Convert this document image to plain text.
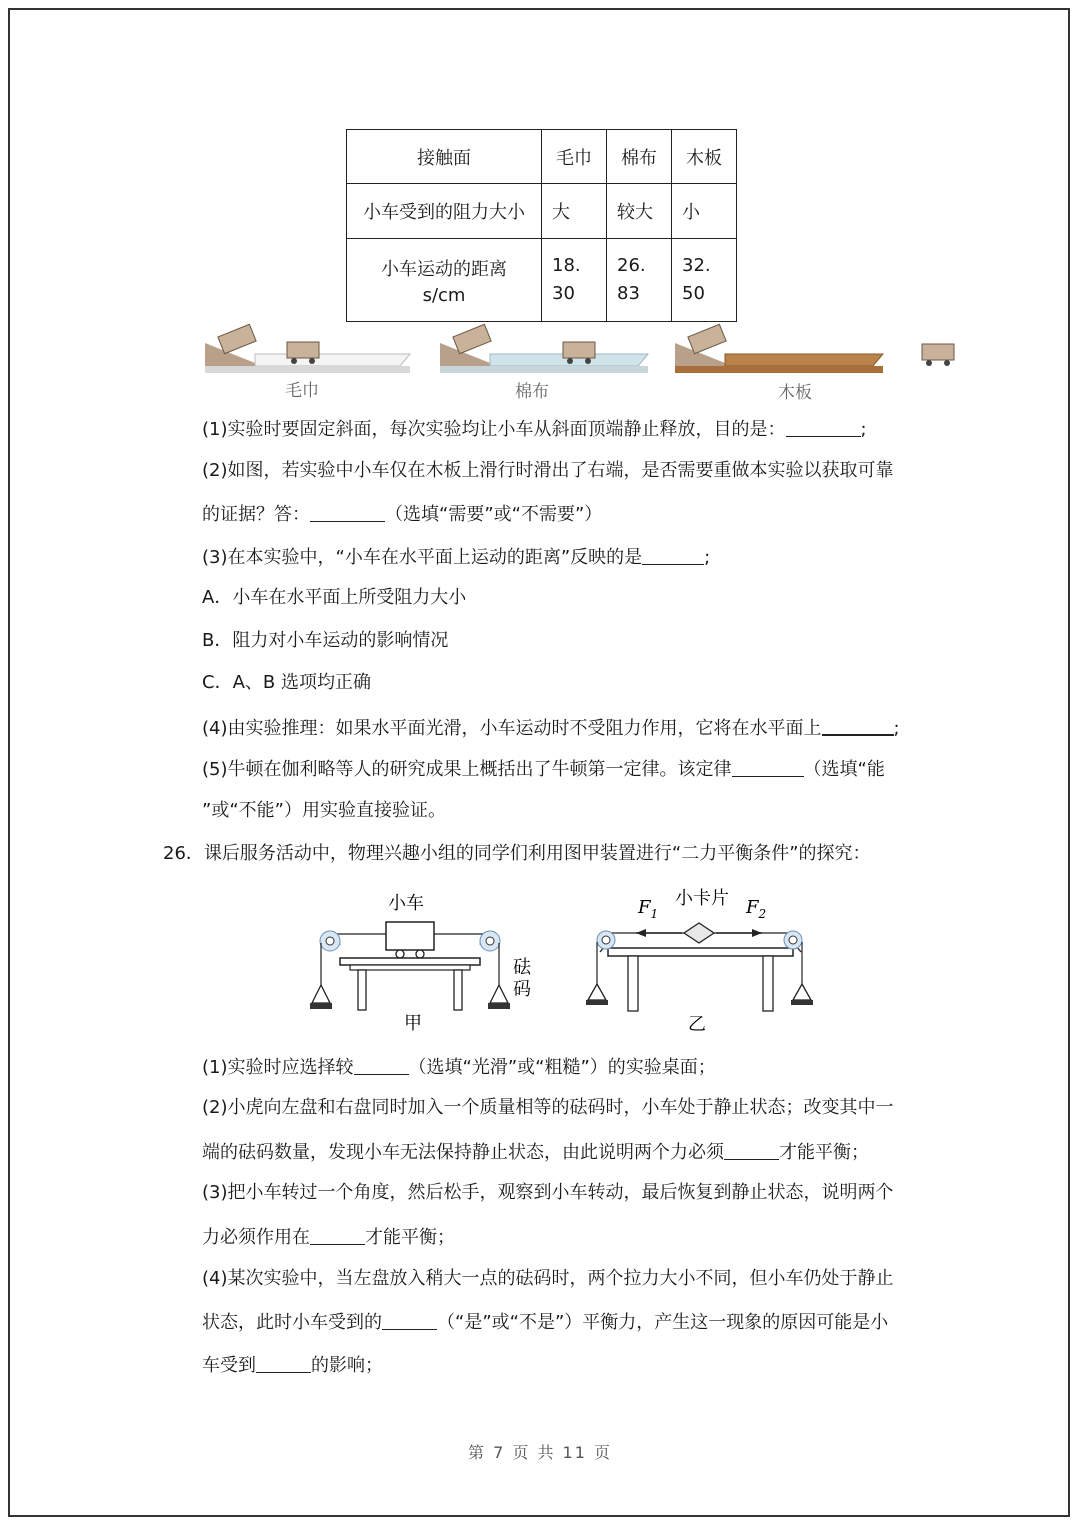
接触面	毛巾	棉布	木板
小车受到的阻力大小	大	较大	小

小车运动的距离
s/cm	18.30	26.83	32.50
毛巾	棉布	木板
(1)实验时要固定斜面，每次实验均让小车从斜面顶端静止释放，目的是：	;
(2)如图，若实验中小车仅在木板上滑行时滑出了右端，是否需要重做本实验以获取可靠
的证据？答：	（选填“需要”或“不需要”）
(3)在本实验中，“小车在水平面上运动的距离”反映的是	;
A．小车在水平面上所受阻力大小
B．阻力对小车运动的影响情况
C．A、B 选项均正确
(4)由实验推理：如果水平面光滑，小车运动时不受阻力作用，它将在水平面上	;
(5)牛顿在伽利略等人的研究成果上概括出了牛顿第一定律。该定律	（选填“能
”或“不能”）用实验直接验证。
26．课后服务活动中，物理兴趣小组的同学们利用图甲装置进行“二力平衡条件”的探究：
小车
砝码
甲
小卡片
$F_1$	$F_2$
乙
(1)实验时应选择较	（选填“光滑”或“粗糙”）的实验桌面；
(2)小虎向左盘和右盘同时加入一个质量相等的砝码时，小车处于静止状态；改变其中一
端的砝码数量，发现小车无法保持静止状态，由此说明两个力必须	才能平衡；
(3)把小车转过一个角度，然后松手，观察到小车转动，最后恢复到静止状态，说明两个
力必须作用在	才能平衡；
(4)某次实验中，当左盘放入稍大一点的砝码时，两个拉力大小不同，但小车仍处于静止
状态，此时小车受到的	（“是”或“不是”）平衡力，产生这一现象的原因可能是小
车受到	的影响；
第 7 页 共 11 页
